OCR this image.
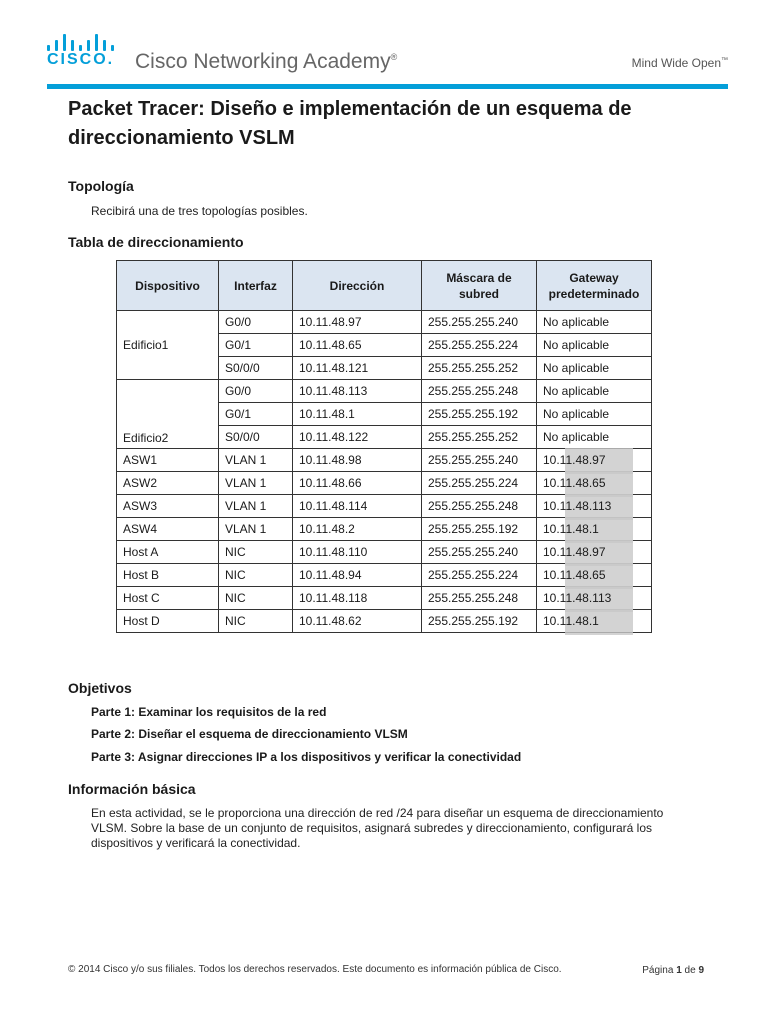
CISCO. Cisco Networking Academy®	Mind Wide Open™
Packet Tracer: Diseño e implementación de un esquema de direccionamiento VSLM
Topología
Recibirá una de tres topologías posibles.
Tabla de direccionamiento
Dispositivo	Interfaz	Dirección	Máscara de subred	Gateway predeterminado
Edificio1	G0/0	10.11.48.97	255.255.255.240	No aplicable
	G0/1	10.11.48.65	255.255.255.224	No aplicable
	S0/0/0	10.11.48.121	255.255.255.252	No aplicable
Edificio2	G0/0	10.11.48.113	255.255.255.248	No aplicable
	G0/1	10.11.48.1	255.255.255.192	No aplicable
	S0/0/0	10.11.48.122	255.255.255.252	No aplicable
ASW1	VLAN 1	10.11.48.98	255.255.255.240	10.11.48.97
ASW2	VLAN 1	10.11.48.66	255.255.255.224	10.11.48.65
ASW3	VLAN 1	10.11.48.114	255.255.255.248	10.11.48.113
ASW4	VLAN 1	10.11.48.2	255.255.255.192	10.11.48.1
Host A	NIC	10.11.48.110	255.255.255.240	10.11.48.97
Host B	NIC	10.11.48.94	255.255.255.224	10.11.48.65
Host C	NIC	10.11.48.118	255.255.255.248	10.11.48.113
Host D	NIC	10.11.48.62	255.255.255.192	10.11.48.1
Objetivos
Parte 1: Examinar los requisitos de la red
Parte 2: Diseñar el esquema de direccionamiento VLSM
Parte 3: Asignar direcciones IP a los dispositivos y verificar la conectividad
Información básica
En esta actividad, se le proporciona una dirección de red /24 para diseñar un esquema de direccionamiento VLSM. Sobre la base de un conjunto de requisitos, asignará subredes y direccionamiento, configurará los dispositivos y verificará la conectividad.
© 2014 Cisco y/o sus filiales. Todos los derechos reservados. Este documento es información pública de Cisco.	Página 1 de 9
